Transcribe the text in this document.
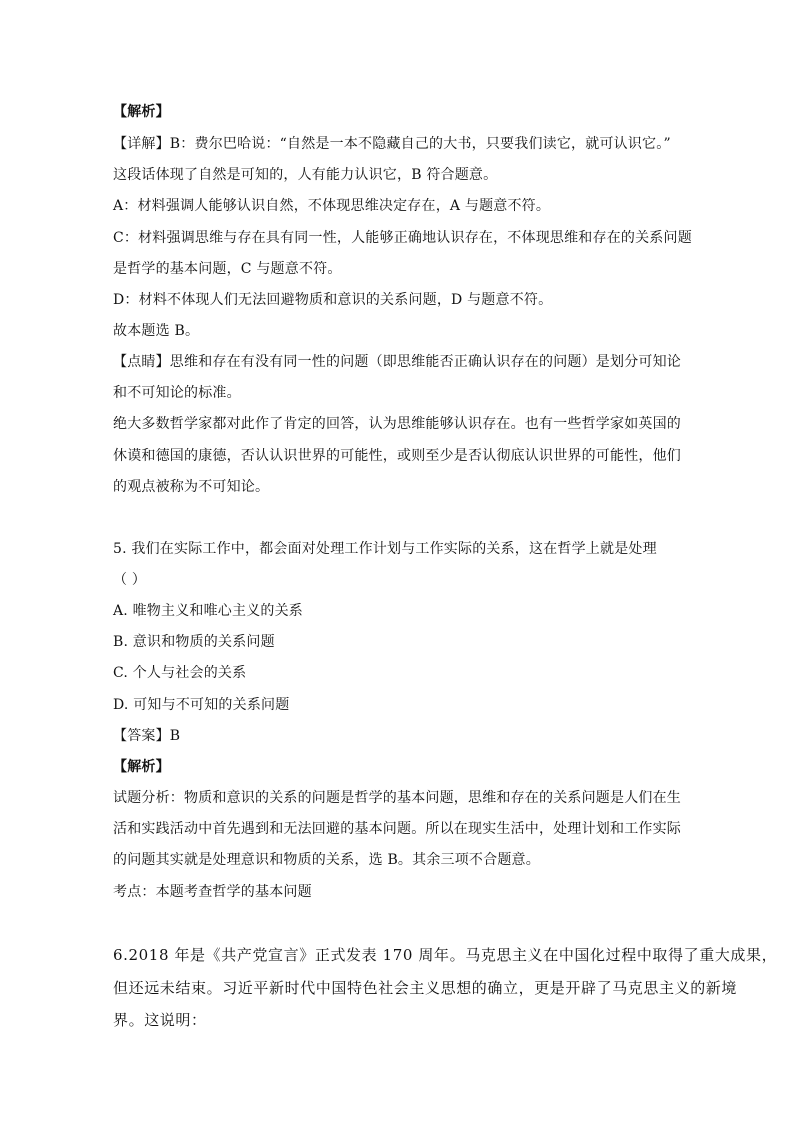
【解析】
【详解】B：费尔巴哈说：“自然是一本不隐藏自己的大书，只要我们读它，就可认识它。”
这段话体现了自然是可知的，人有能力认识它，B 符合题意。
A：材料强调人能够认识自然，不体现思维决定存在，A 与题意不符。
C：材料强调思维与存在具有同一性，人能够正确地认识存在，不体现思维和存在的关系问题
是哲学的基本问题，C 与题意不符。
D：材料不体现人们无法回避物质和意识的关系问题，D 与题意不符。
故本题选 B。
【点睛】思维和存在有没有同一性的问题（即思维能否正确认识存在的问题）是划分可知论
和不可知论的标准。
绝大多数哲学家都对此作了肯定的回答，认为思维能够认识存在。也有一些哲学家如英国的
休谟和德国的康德，否认认识世界的可能性，或则至少是否认彻底认识世界的可能性，他们
的观点被称为不可知论。
5. 我们在实际工作中，都会面对处理工作计划与工作实际的关系，这在哲学上就是处理
（ ）
A. 唯物主义和唯心主义的关系
B. 意识和物质的关系问题
C. 个人与社会的关系
D. 可知与不可知的关系问题
【答案】B
【解析】
试题分析：物质和意识的关系的问题是哲学的基本问题，思维和存在的关系问题是人们在生
活和实践活动中首先遇到和无法回避的基本问题。所以在现实生活中，处理计划和工作实际
的问题其实就是处理意识和物质的关系，选 B。其余三项不合题意。
考点：本题考查哲学的基本问题
6.2018 年是《共产党宣言》正式发表 170 周年。马克思主义在中国化过程中取得了重大成果，
但还远未结束。习近平新时代中国特色社会主义思想的确立，更是开辟了马克思主义的新境
界。这说明：
